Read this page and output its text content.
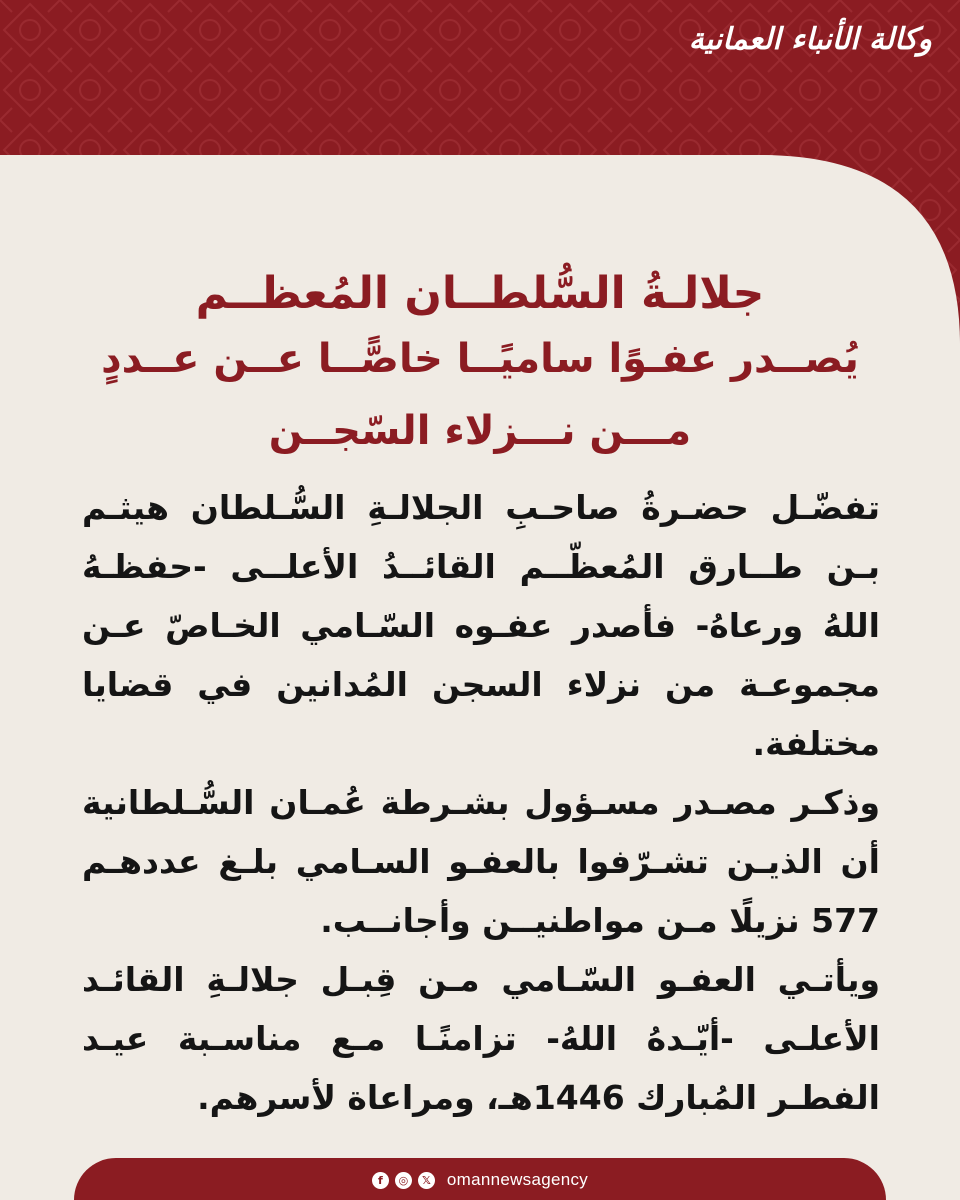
وكالة الأنباء العمانية
جلالـةُ السُّلطــان المُعظــم
يُصــدر عفـوًا ساميًــا خاصًّــا عــن عــددٍ
مـــن نـــزلاء السّجــن
تفضّـل حضـرةُ صاحـبِ الجلالـةِ السُّـلطان هيثـم بـن طــارق المُعظّــم القائــدُ الأعلــى -حفظـهُ اللهُ ورعاهُ- فأصدر عفـوه السّـامي الخـاصّ عـن مجموعـة من نزلاء السجن المُدانين في قضايا مختلفة.
وذكـر مصـدر مسـؤول بشـرطة عُمـان السُّـلطانية أن الذيـن تشـرّفوا بالعفـو السـامي بلـغ عددهـم 577 نزيلًا مـن مواطنيــن وأجانــب.
ويأتـي العفـو السّـامي مـن قِبـل جلالـةِ القائـد الأعلـى -أيّـدهُ اللهُ- تزامنًـا مـع مناسـبة عيـد الفطـر المُبارك 1446هـ، ومراعاة لأسرهم.
f	◎	𝕏 omannewsagency
